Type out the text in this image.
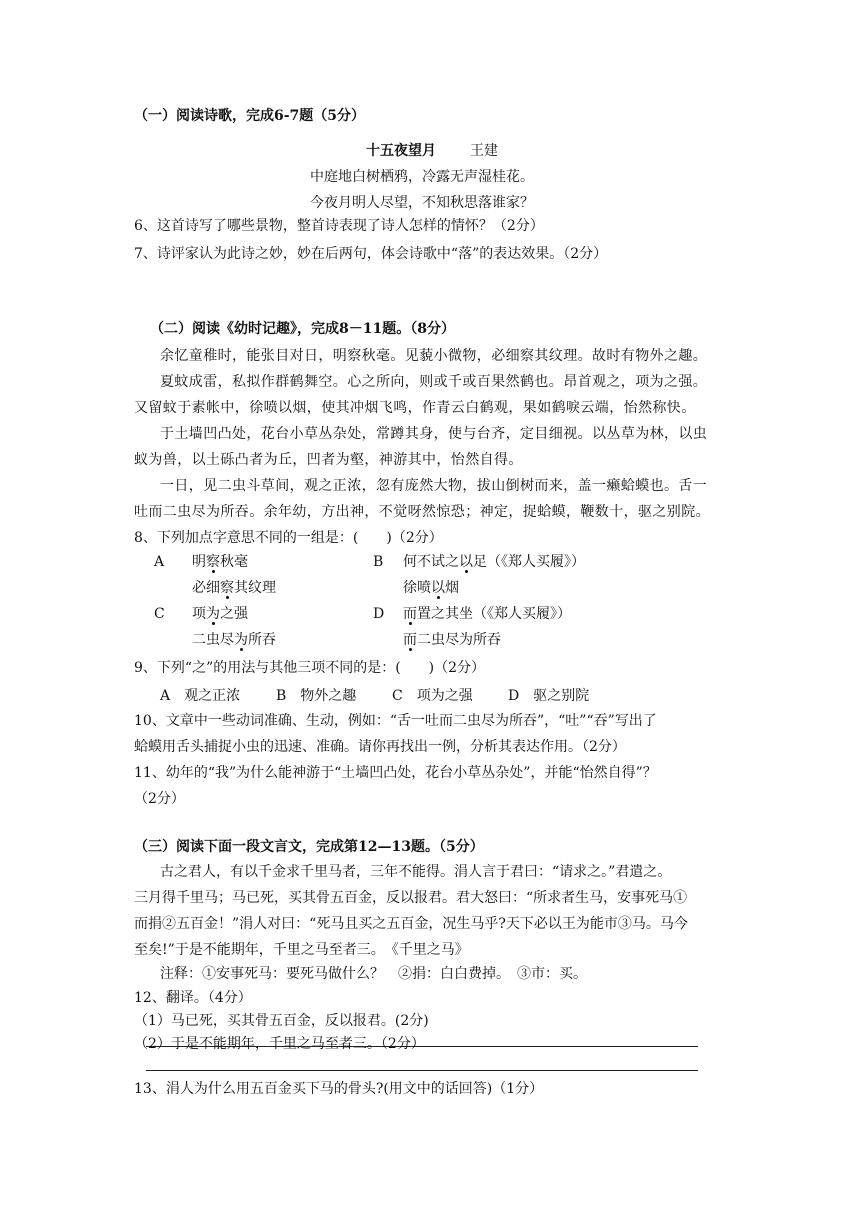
（一）阅读诗歌，完成6-7题（5分）
十五夜望月 王建
中庭地白树栖鸦，冷露无声湿桂花。
今夜月明人尽望，不知秋思落谁家？
6、这首诗写了哪些景物，整首诗表现了诗人怎样的情怀？（2分）
7、诗评家认为此诗之妙，妙在后两句，体会诗歌中“落”的表达效果。（2分）
（二）阅读《幼时记趣》，完成8－11题。（8分）
余忆童稚时，能张目对日，明察秋毫。见藐小微物，必细察其纹理。故时有物外之趣。
夏蚊成雷，私拟作群鹤舞空。心之所向，则或千或百果然鹤也。昂首观之，项为之强。
又留蚊于素帐中，徐喷以烟，使其冲烟飞鸣，作青云白鹤观，果如鹤唳云端，怡然称快。
于土墙凹凸处，花台小草丛杂处，常蹲其身，使与台齐，定目细视。以丛草为林，以虫
蚁为兽，以土砾凸者为丘，凹者为壑，神游其中，怡然自得。
一日，见二虫斗草间，观之正浓，忽有庞然大物，拔山倒树而来，盖一癞蛤蟆也。舌一
吐而二虫尽为所吞。余年幼，方出神，不觉呀然惊恐；神定，捉蛤蟆，鞭数十，驱之别院。
8、下列加点字意思不同的一组是：(　　)（2分）
A 明察秋毫
必细察其纹理
B 何不试之以足（《郑人买履》）
徐喷以烟
C 项为之强
二虫尽为所吞
D 而置之其坐（《郑人买履》）
而二虫尽为所吞
9、下列“之”的用法与其他三项不同的是：(　　)（2分）
A　观之正浓	B　物外之趣	C　项为之强	D　驱之别院
10、文章中一些动词准确、生动，例如：“舌一吐而二虫尽为所吞”，“吐”“吞”写出了
蛤蟆用舌头捕捉小虫的迅速、准确。请你再找出一例，分析其表达作用。（2分）
11、幼年的“我”为什么能神游于“土墙凹凸处，花台小草丛杂处”，并能“怡然自得”？
（2分）
（三）阅读下面一段文言文，完成第12—13题。（5分）
古之君人，有以千金求千里马者，三年不能得。涓人言于君曰：“请求之。”君遣之。
三月得千里马；马已死，买其骨五百金，反以报君。君大怒曰：“所求者生马，安事死马①
而捐②五百金！”涓人对曰：“死马且买之五百金，况生马乎?天下必以王为能市③马。马今
至矣!”于是不能期年，千里之马至者三。　《千里之马》
注释：①安事死马：要死马做什么？　②捐：白白费掉。　③市：买。
12、翻译。（4分）
（1）马已死，买其骨五百金，反以报君。(2分)
（2）于是不能期年，千里之马至者三。（2分）
13、涓人为什么用五百金买下马的骨头?(用文中的话回答)（1分）
